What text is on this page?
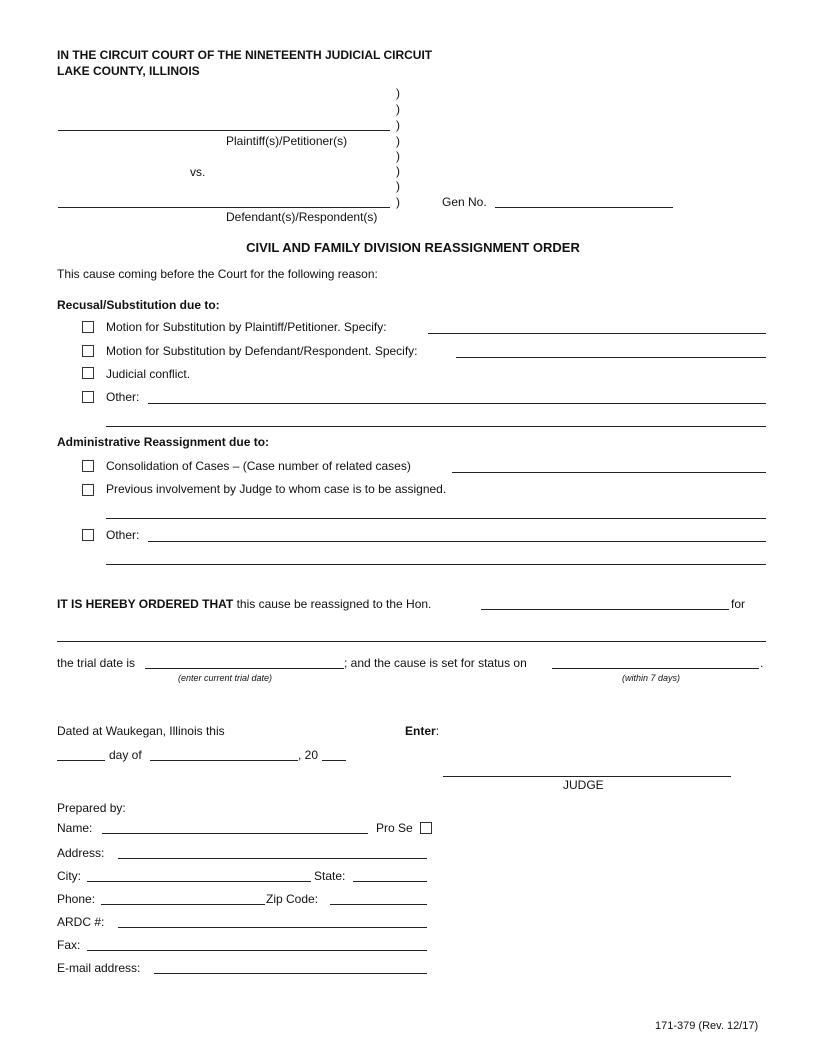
IN THE CIRCUIT COURT OF THE NINETEENTH JUDICIAL CIRCUIT
LAKE COUNTY, ILLINOIS
)
)
)
)
)
)
)
)
Plaintiff(s)/Petitioner(s)
vs.
Defendant(s)/Respondent(s)
Gen No.
CIVIL AND FAMILY DIVISION REASSIGNMENT ORDER
This cause coming before the Court for the following reason:
Recusal/Substitution due to:
Motion for Substitution by Plaintiff/Petitioner. Specify:
Motion for Substitution by Defendant/Respondent. Specify:
Judicial conflict.
Other:
Administrative Reassignment due to:
Consolidation of Cases – (Case number of related cases)
Previous involvement by Judge to whom case is to be assigned.
Other:
IT IS HEREBY ORDERED THAT this cause be reassigned to the Hon.	for
the trial date is	; and the cause is set for status on	.
(enter current trial date)	(within 7 days)
Dated at Waukegan, Illinois this	Enter:
day of	, 20
JUDGE
Prepared by:
Name:	Pro Se
Address:
City:	State:
Phone:	Zip Code:
ARDC #:
Fax:
E-mail address:
171-379 (Rev. 12/17)
